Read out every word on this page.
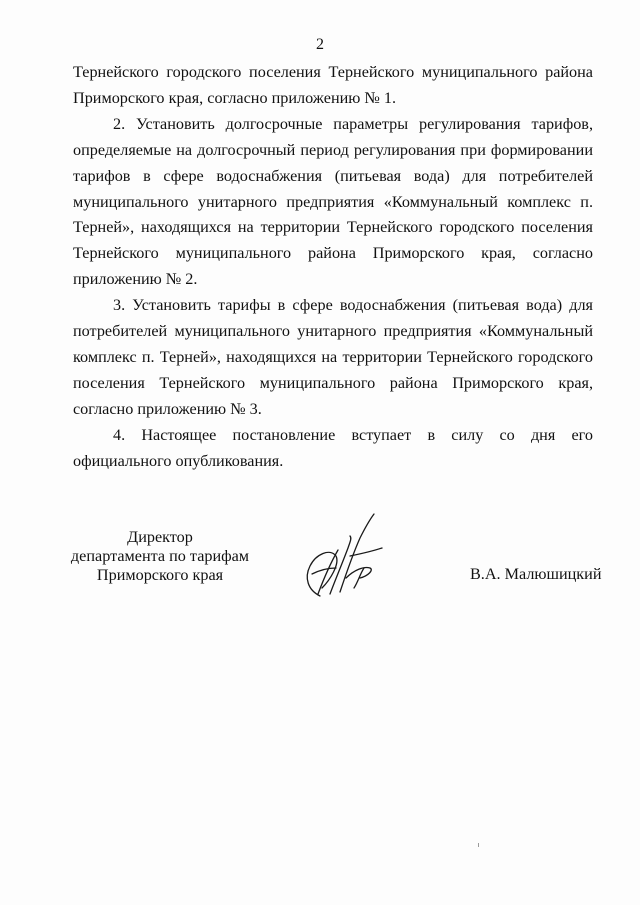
2

Тернейского городского поселения Тернейского муниципального района Приморского края, согласно приложению № 1.

2. Установить долгосрочные параметры регулирования тарифов, определяемые на долгосрочный период регулирования при формировании тарифов в сфере водоснабжения (питьевая вода) для потребителей муниципального унитарного предприятия «Коммунальный комплекс п. Терней», находящихся на территории Тернейского городского поселения Тернейского муниципального района Приморского края, согласно приложению № 2.

3. Установить тарифы в сфере водоснабжения (питьевая вода) для потребителей муниципального унитарного предприятия «Коммунальный комплекс п. Терней», находящихся на территории Тернейского городского поселения Тернейского муниципального района Приморского края, согласно приложению № 3.

4. Настоящее постановление вступает в силу со дня его официального опубликования.

Директор
департамента по тарифам
Приморского края	В.А. Малюшицкий
